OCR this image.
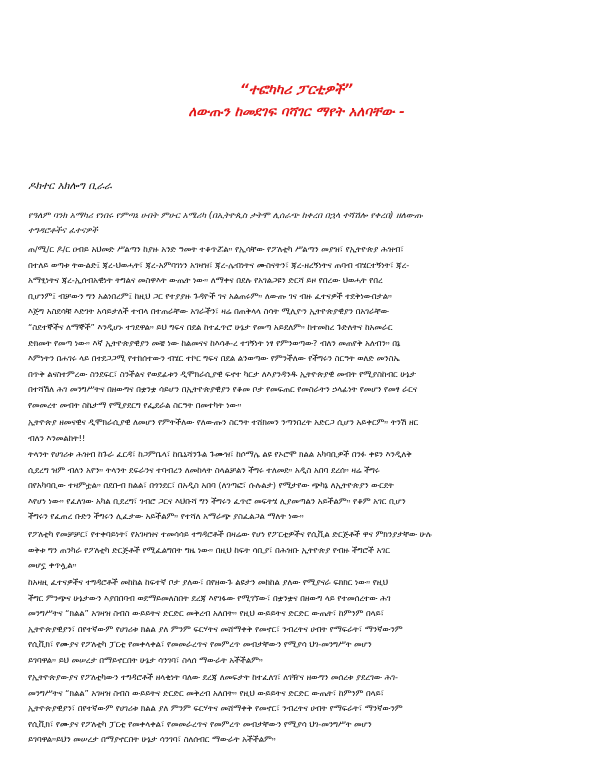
“ተፎካካሪ ፓርቲዎች”
ለውጡን ከመደገፍ ባሻገር ማየት አለባቸው -
ዶክተር አክሎግ ቢራራ
የዓለም ባንክ አማካሪ የነበሩ የምጣኔ ሀብት ምሁር አሜሪካ (በኢትዮጲስ ታትሞ ሊሰራጭ ከቀረበ በኋላ ተሻሽሎ የቀረበ) ዘለውጡ
ተግዳሮቶችና ፈተናዎች
ጠ/ሚ/ር ዶ/ር ዐብይ አህመድ ሥልጣን ከያዙ አንድ ዓመት ተቆጥሯል። የኢሳቸው የፖለቲካ ሥልጣን መያዝ፣ የኢትዮጵያ ሕዝብ፣
በተለይ ወጣቱ ትውልድ፤ ጃረ-ህወሓት፣ ጃረ-አምባገነን አገዛዝ፣ ጃረ-ሌብነትና ሙስናትን፣ ጃረ-ዘረኝነትና ጠባብ ብሄርተኝነት፣ ጃረ-
አማፂነትና ጃረ-ኢሰብአዊነት ትግልና መስዋእት ውጤት ነው። ለማቀና በደሉ የአገልጋዩን ድርሻ ይዞ የበረው ህወሓት የበረ
ቢሆንም፤ ብቻውን ግን አልነበረም፤ ከዚህ ጋር የተያያዙ ጉዳዮች ገና አልጠሩም። ለውጡ ገና ብዙ ፈተናዎች ተደቅነውበታል።
እጅግ አስደሳቹ እድገት አሳይታለች ተብላ በተጠራቸው አገራችን፣ ዛሬ በጠቅላላ ስሳት ሚሊዮን ኢትዮጵያዊያን በአገራቸው
“ስደተኞችና ለማኞች” እንዲሆኑ ተገደዋል። ይህ ግፍና በደል ከተፈጥሮ ሁኔታ የመጣ አይደለም። ከተመከረ ጉድለትና ከአመራር
ድክመት የመጣ ነው። እኛ ኢትዮጵያዊያን መቼ ነው ከልመናና ከእሳቶ-ረ ተገኝነት ነፃ የምንወጣው? ብለን መጠየቅ አለብን። በኔ
እምነትን በሐገሩ ላይ በተደጋጋሚ የተከሰተውን ብሄር ተኮር ግፍና በደል ልንወጣው የምንችለው የችግሩን ስርዓት ወለድ መንስኤ
በጥቅ ልናስተምረው ስንደፍር፣ ስንችልና የወደፊቱን ዲሞክራሲያዊ ፍኖተ ካርታ ለእያንዳንዱ ኢትዮጵያዊ መብት የሚያስከብር ሁኔታ
በተሻሽለ ሕገ መንግሥትና በዘውግና በቋንቋ ሳይሆን በኢትዮጵያዊያን የቆመ ቦታ የመፍጠር የመስራትን ኃላፊነት የመሆን የመፃ ራርና
የመመረተ መብት ስኬታማ የሚያደርግ የፌደራል ስርዓት በመተካት ነው።
ኢትዮጵያ ዘመናዊና ዲሞክራሲያዊ ለመሆን የምትችለው የለውጡን ስርዓት ተሸክመን ንጣንበረት አድርጋ ሲሆን አይቀርም። ትንሽ ዘር
ብለን እንመልከት!!
ትላንት የሀገሪቱ ሕዝብ ከጉራ ፈርዳ፣ ከጋምቤላ፣ ከቤኒሻንጉል ጉሙዝ፣ ከሶማሌ ልዩ የኦሮሞ ክልል አካባቢዎች በንፉ ቀዩን እንዲለቅ
ሲደረግ ዝም ብለን አየን። ትላንት ደፍራንና ተባብረን ለመከላት ስላልቻልን ችግሩ ተለመደ። አዲስ አበባ ደረሰ። ዛሬ ችግሩ
በየአካባቢው ተዛምቷል። በደቡብ ክልል፣ በጎንደር፣ በአዲስ አበባ (ለገጣፎ፣ ሱሉልታ) የሚታየው ጭካኔ ለኢትዮጵያን ውርደት
እየሆነ ነው። የፈለገው አካል ቢደረግ፣ ገብሮ ጋርና እህቡሻ ግን ችግሩን ፈጥሮ መፍትሄ ሊያመጣልን አይችልም። የቆም አገር ቢሆን
ችግሩን የፈጠረ ቡድን ችግሩን ሊፈታው አይችልም። የተሻለ አማራጭ ያስፈልጋል ማለት ነው።
የፖለቲካ የመቻቻር፣ የተቀባይነት፣ የአገዛዝና ተመሳሳይ ተግዳሮቶች በዛሬው የሆነ የፖርቲዎችና የሲቪል ድርጅቶች ዋና ምክንያታቸው ሁሉ
ወቅቱ ግን ጠንካራ የፖለቲካ ድርጅቶች የሚፈልግበት ግዜ ነው። በዚህ ከፍት ሳቢያ፣ በሕዝቡ ኢትዮጵያ የብዙ ችግሮች አገር
መሆኗ ቀጥሏል።
ከአዛዚ ፈተናዎችና ተግዳሮቶች መከከል ከፍተኛ ቦታ ያለው፣ በየዘውጉ ልዩታን መከከል ያለው የሚያናራ ፍክክር ነው። የዚህ
ችግር ምንጭና ሁኔታውን እያበበባብ ወደማይመለስበት ደረጃ እየገፋው የሚገኘው፣ በቋንቋና በዘውግ ላይ የተመሰረተው ሕገ
መንግሥትና “ክልል” አገዛዝ ስብስ ውይይትና ድርድር መቅረብ አለበት። የዚህ ውይይትና ድርድር ውጤት፣ ከምንም በላይ፣
ኢትዮጵያዊያን፣ በየተኛውም የሀገሪቱ ክልል ያለ ምንም ፍርሃትና መሸማቀቅ የመኖር፣ ንብረትና ሀብት የማፍራት፣ ማንኛውንም
የሲቪክ፣ የሙያና የፖለቲካ ፓርቲ የመቀላቀል፣ የመመራረጥና የመምረጥ መብታቸውን የሚያሳ ህገ-መንግሥት መሆን
ይገባዋል። ይህ መሠረታ በማይኖርበት ሁኔታ ሳንገባ፣ ስላሰ ማውራት አችችልም።
የኢትዮጵያውያና የፖለቲካውን ተግዳሮቶች ዘላቂነት ባለው ደረጃ ለመፍታት ከተፈለገ፣ ለገዥና ዘውግን መሰረቱ ያደረገው ሕገ-
መንግሥትና “ክልል” አገዛዝ ስብስ ውይይትና ድርድር መቅረብ አለበት። የዚህ ውይይትና ድርድር ውጤት፣ ከምንም በላይ፣
ኢትዮጵያዊያን፣ በየተኛውም የሀገሪቱ ክልል ያለ ምንም ፍርሃትና መሸማቀቅ የመኖር፣ ንብረትና ሀብት የማፍራት፣ ማንኛውንም
የሲቪክ፣ የሙያና የፖለቲካ ፓርቲ የመቀላቀል፣ የመመራረጥና የመምረጥ መብታቸውን የሚያሳ ህገ-መንግሥት መሆን
ይገባዋል።ይህን መሠረታ በማያኖርበት ሁኔታ ሳንገባ፣ ስለሰብር ማውራት አችችልም።
